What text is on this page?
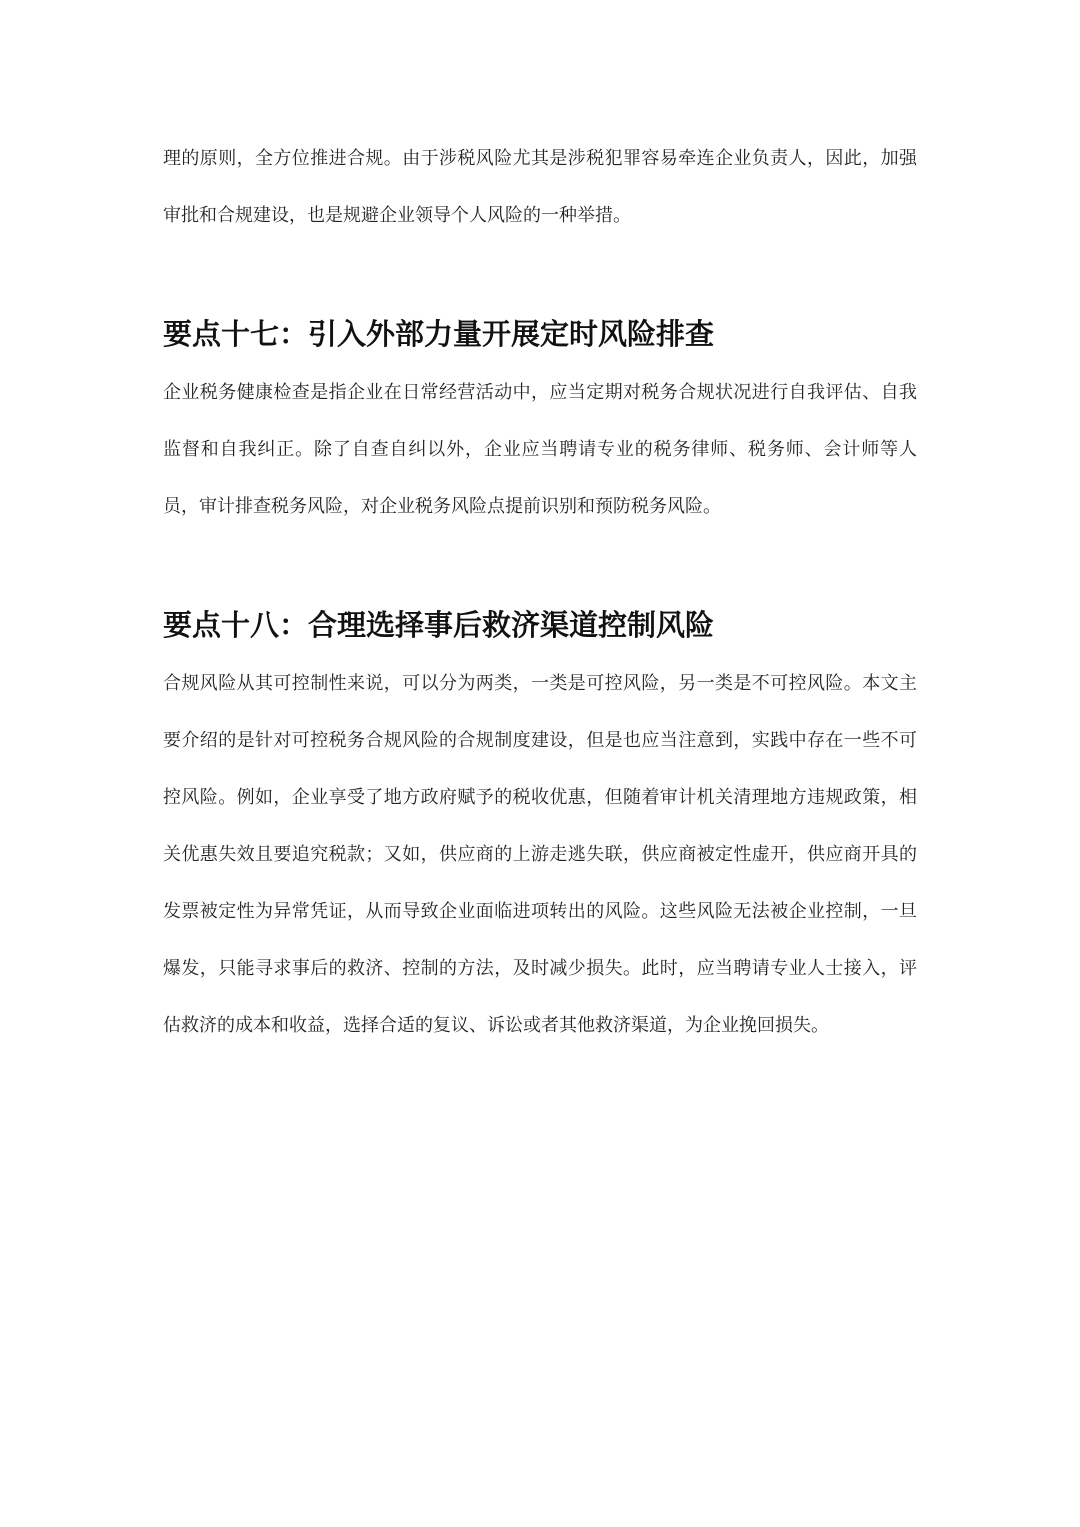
理的原则，全方位推进合规。由于涉税风险尤其是涉税犯罪容易牵连企业负责人，因此，加强审批和合规建设，也是规避企业领导个人风险的一种举措。

要点十七：引入外部力量开展定时风险排查

企业税务健康检查是指企业在日常经营活动中，应当定期对税务合规状况进行自我评估、自我监督和自我纠正。除了自查自纠以外，企业应当聘请专业的税务律师、税务师、会计师等人员，审计排查税务风险，对企业税务风险点提前识别和预防税务风险。

要点十八：合理选择事后救济渠道控制风险

合规风险从其可控制性来说，可以分为两类，一类是可控风险，另一类是不可控风险。本文主要介绍的是针对可控税务合规风险的合规制度建设，但是也应当注意到，实践中存在一些不可控风险。例如，企业享受了地方政府赋予的税收优惠，但随着审计机关清理地方违规政策，相关优惠失效且要追究税款；又如，供应商的上游走逃失联，供应商被定性虚开，供应商开具的发票被定性为异常凭证，从而导致企业面临进项转出的风险。这些风险无法被企业控制，一旦爆发，只能寻求事后的救济、控制的方法，及时减少损失。此时，应当聘请专业人士接入，评估救济的成本和收益，选择合适的复议、诉讼或者其他救济渠道，为企业挽回损失。
